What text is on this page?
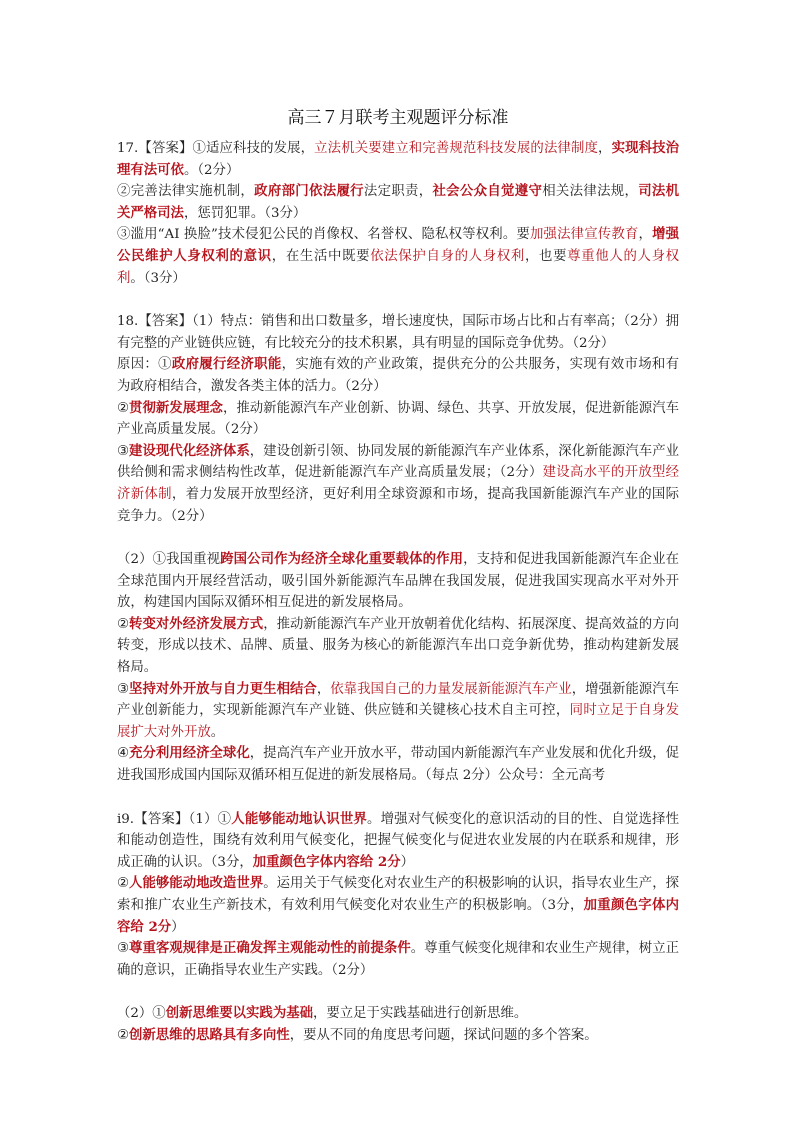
高三７月联考主观题评分标准

17.【答案】①适应科技的发展，立法机关要建立和完善规范科技发展的法律制度，实现科技治理有法可依。（2分）

②完善法律实施机制，政府部门依法履行法定职责，社会公众自觉遵守相关法律法规，司法机关严格司法，惩罚犯罪。（3分）

③滥用“AI 换脸”技术侵犯公民的肖像权、名誉权、隐私权等权利。要加强法律宣传教育，增强公民维护人身权利的意识，在生活中既要依法保护自身的人身权利，也要尊重他人的人身权利。（3分）

18.【答案】（1）特点：销售和出口数量多，增长速度快，国际市场占比和占有率高；（2分）拥有完整的产业链供应链，有比较充分的技术积累，具有明显的国际竞争优势。（2分）

原因：①政府履行经济职能，实施有效的产业政策，提供充分的公共服务，实现有效市场和有为政府相结合，激发各类主体的活力。（2分）

②贯彻新发展理念，推动新能源汽车产业创新、协调、绿色、共享、开放发展，促进新能源汽车产业高质量发展。（2分）

③建设现代化经济体系，建设创新引领、协同发展的新能源汽车产业体系，深化新能源汽车产业供给侧和需求侧结构性改革，促进新能源汽车产业高质量发展；（2分）建设高水平的开放型经济新体制，着力发展开放型经济，更好利用全球资源和市场，提高我国新能源汽车产业的国际竞争力。（2分）

（2）①我国重视跨国公司作为经济全球化重要载体的作用，支持和促进我国新能源汽车企业在全球范围内开展经营活动，吸引国外新能源汽车品牌在我国发展，促进我国实现高水平对外开放，构建国内国际双循环相互促进的新发展格局。

②转变对外经济发展方式，推动新能源汽车产业开放朝着优化结构、拓展深度、提高效益的方向转变，形成以技术、品牌、质量、服务为核心的新能源汽车出口竞争新优势，推动构建新发展格局。

③坚持对外开放与自力更生相结合，依靠我国自己的力量发展新能源汽车产业，增强新能源汽车产业创新能力，实现新能源汽车产业链、供应链和关键核心技术自主可控，同时立足于自身发展扩大对外开放。

④充分利用经济全球化，提高汽车产业开放水平，带动国内新能源汽车产业发展和优化升级，促进我国形成国内国际双循环相互促进的新发展格局。（每点 2分）公众号：全元高考

i9.【答案】（1）①人能够能动地认识世界。增强对气候变化的意识活动的目的性、自觉选择性和能动创造性，围绕有效利用气候变化，把握气候变化与促进农业发展的内在联系和规律，形成正确的认识。（3分，加重颜色字体内容给 2分）

②人能够能动地改造世界。运用关于气候变化对农业生产的积极影响的认识，指导农业生产，探索和推广农业生产新技术，有效利用气候变化对农业生产的积极影响。（3分，加重颜色字体内容给 2分）

③尊重客观规律是正确发挥主观能动性的前提条件。尊重气候变化规律和农业生产规律，树立正确的意识，正确指导农业生产实践。（2分）

（2）①创新思维要以实践为基础，要立足于实践基础进行创新思维。

②创新思维的思路具有多向性，要从不同的角度思考问题，探试问题的多个答案。
